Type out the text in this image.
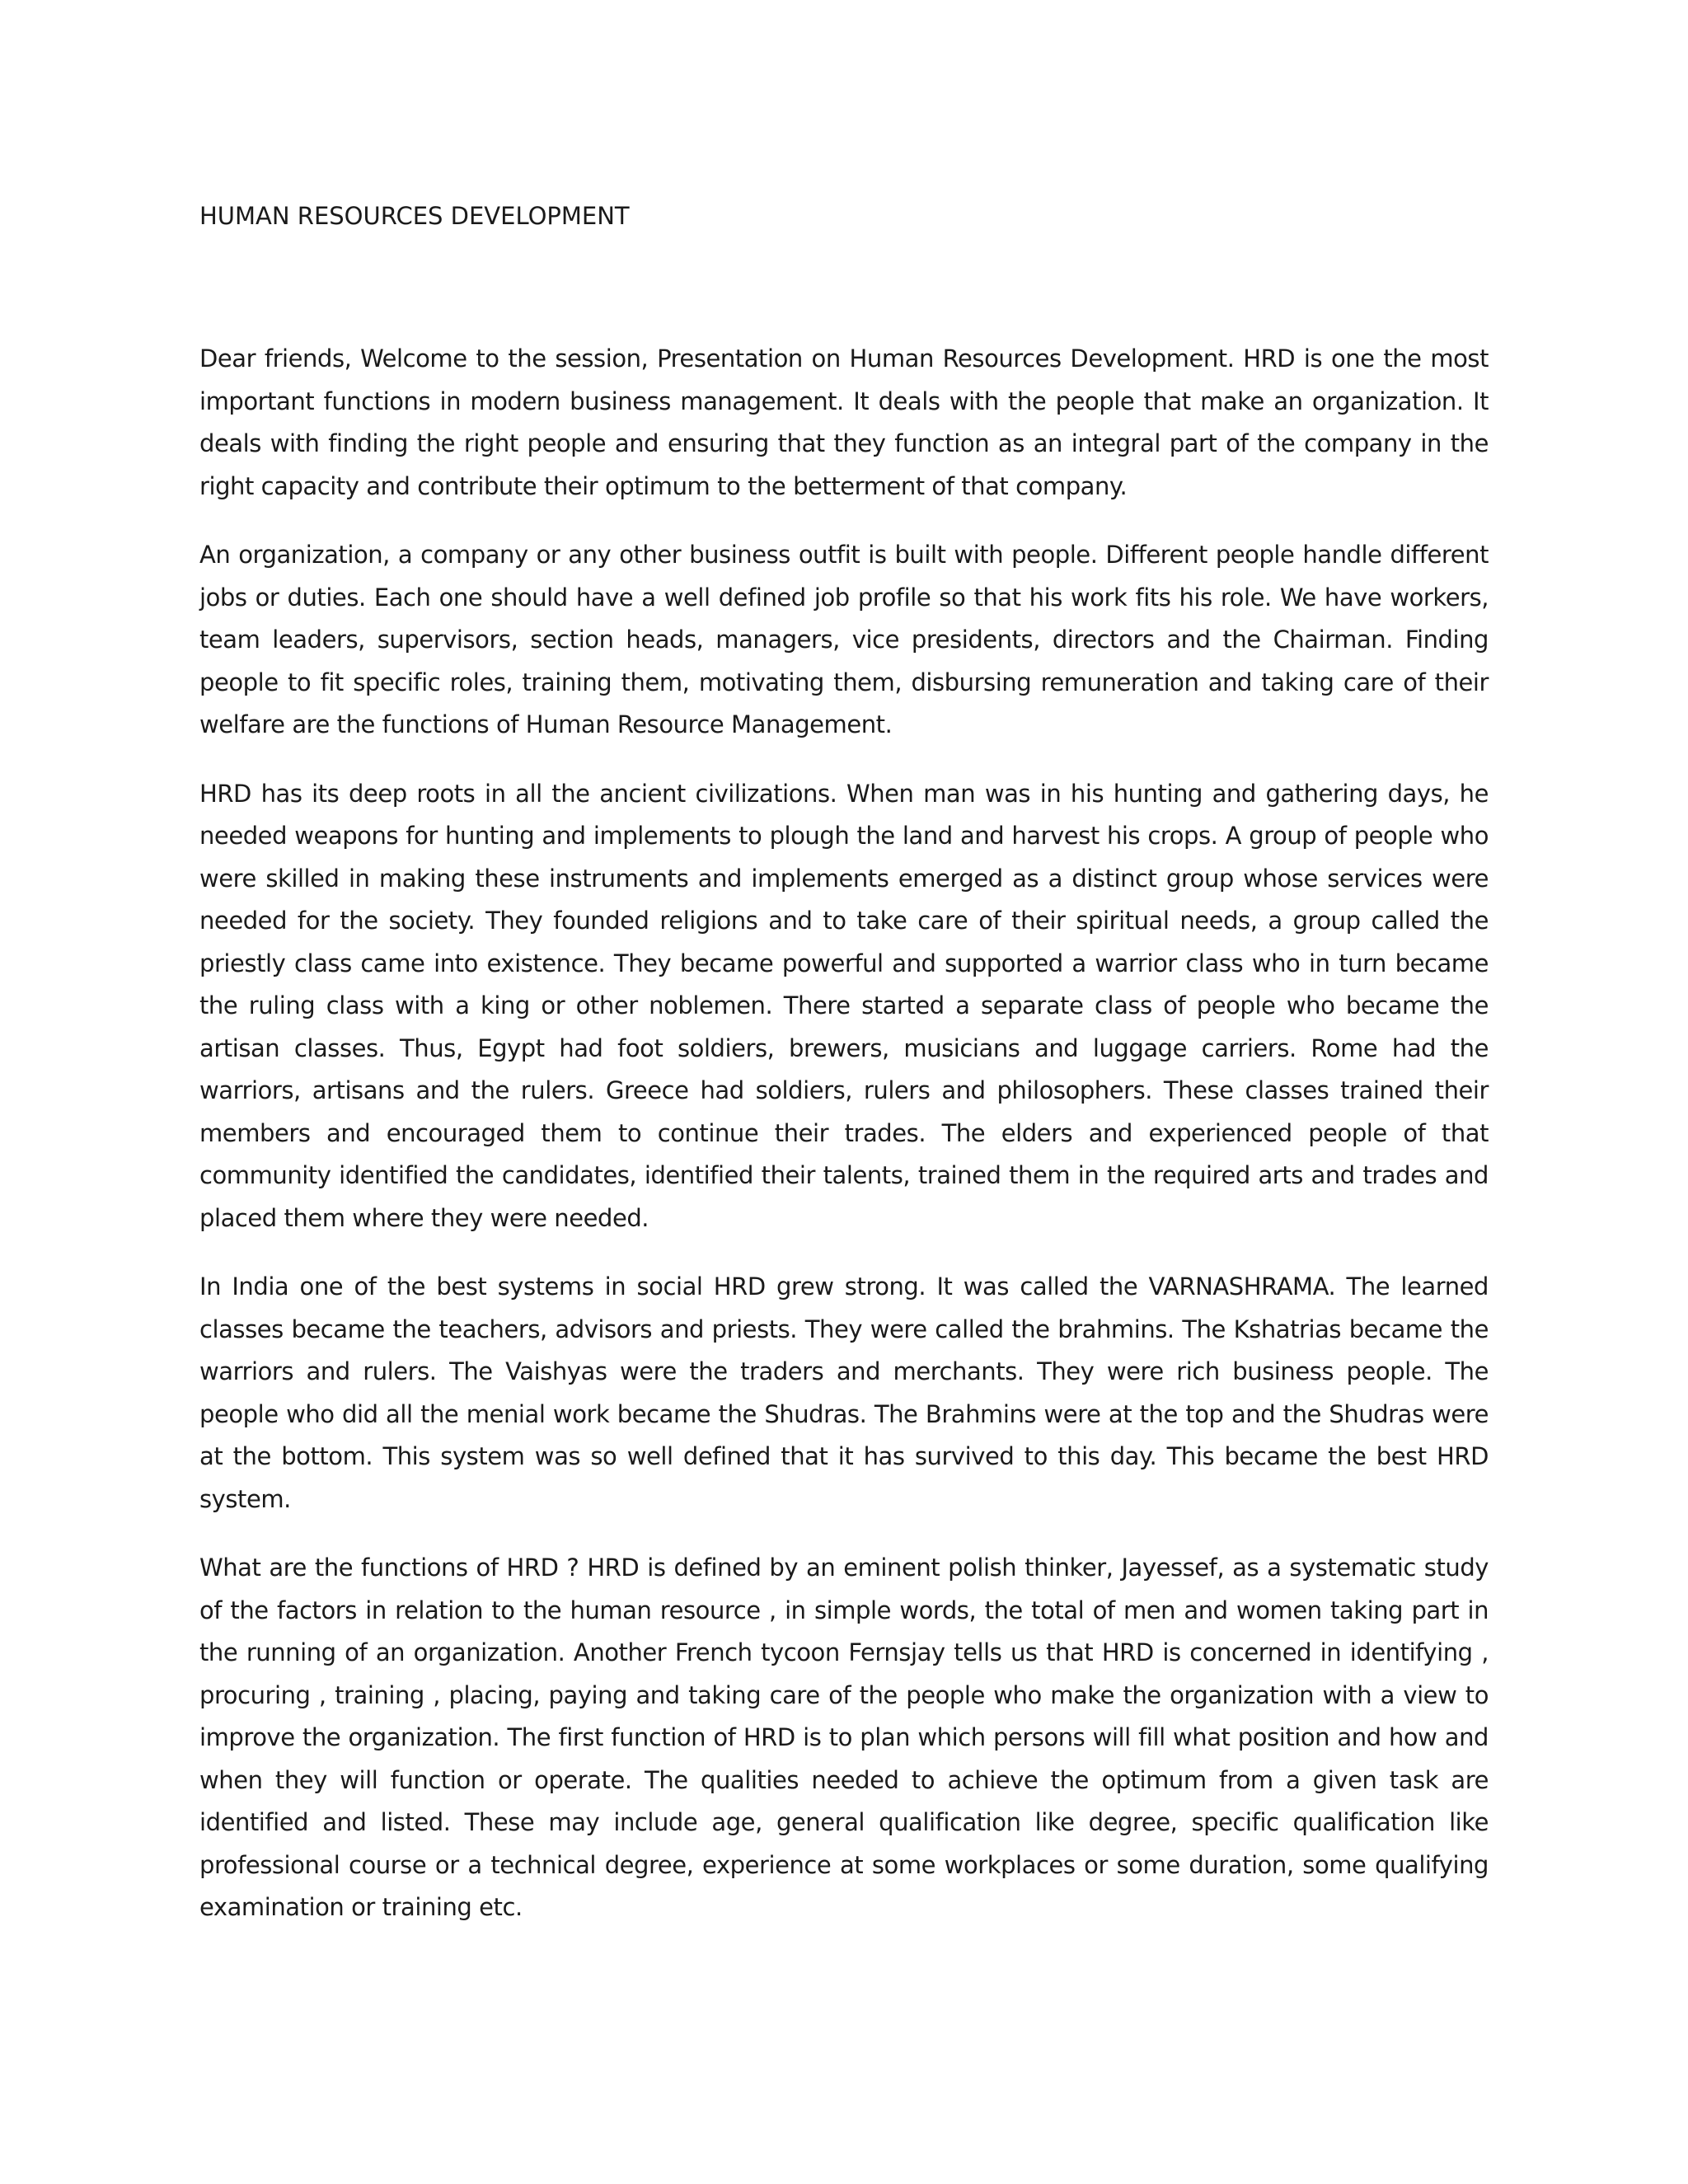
HUMAN RESOURCES DEVELOPMENT

Dear friends, Welcome to the session, Presentation on Human Resources Development. HRD is one the most important functions in modern business management. It deals with the people that make an organization. It deals with finding the right people and ensuring that they function as an integral part of the company in the right capacity and contribute their optimum to the betterment of that company.

An organization, a company or any other business outfit is built with people. Different people handle different jobs or duties. Each one should have a well defined job profile so that his work fits his role. We have workers, team leaders, supervisors, section heads, managers, vice presidents, directors and the Chairman. Finding people to fit specific roles, training them, motivating them, disbursing remuneration and taking care of their welfare are the functions of Human Resource Management.

HRD has its deep roots in all the ancient civilizations. When man was in his hunting and gathering days, he needed weapons for hunting and implements to plough the land and harvest his crops. A group of people who were skilled in making these instruments and implements emerged as a distinct group whose services were needed for the society. They founded religions and to take care of their spiritual needs, a group called the priestly class came into existence. They became powerful and supported a warrior class who in turn became the ruling class with a king or other noblemen. There started a separate class of people who became the artisan classes. Thus, Egypt had foot soldiers, brewers, musicians and luggage carriers. Rome had the warriors, artisans and the rulers. Greece had soldiers, rulers and philosophers. These classes trained their members and encouraged them to continue their trades. The elders and experienced people of that community identified the candidates, identified their talents, trained them in the required arts and trades and placed them where they were needed.

In India one of the best systems in social HRD grew strong. It was called the VARNASHRAMA. The learned classes became the teachers, advisors and priests. They were called the brahmins. The Kshatrias became the warriors and rulers. The Vaishyas were the traders and merchants. They were rich business people. The people who did all the menial work became the Shudras. The Brahmins were at the top and the Shudras were at the bottom. This system was so well defined that it has survived to this day. This became the best HRD system.

What are the functions of HRD ? HRD is defined by an eminent polish thinker, Jayessef, as a systematic study of the factors in relation to the human resource , in simple words, the total of men and women taking part in the running of an organization. Another French tycoon Fernsjay tells us that HRD is concerned in identifying , procuring , training , placing, paying and taking care of the people who make the organization with a view to improve the organization. The first function of HRD is to plan which persons will fill what position and how and when they will function or operate. The qualities needed to achieve the optimum from a given task are identified and listed. These may include age, general qualification like degree, specific qualification like professional course or a technical degree, experience at some workplaces or some duration, some qualifying examination or training etc.
